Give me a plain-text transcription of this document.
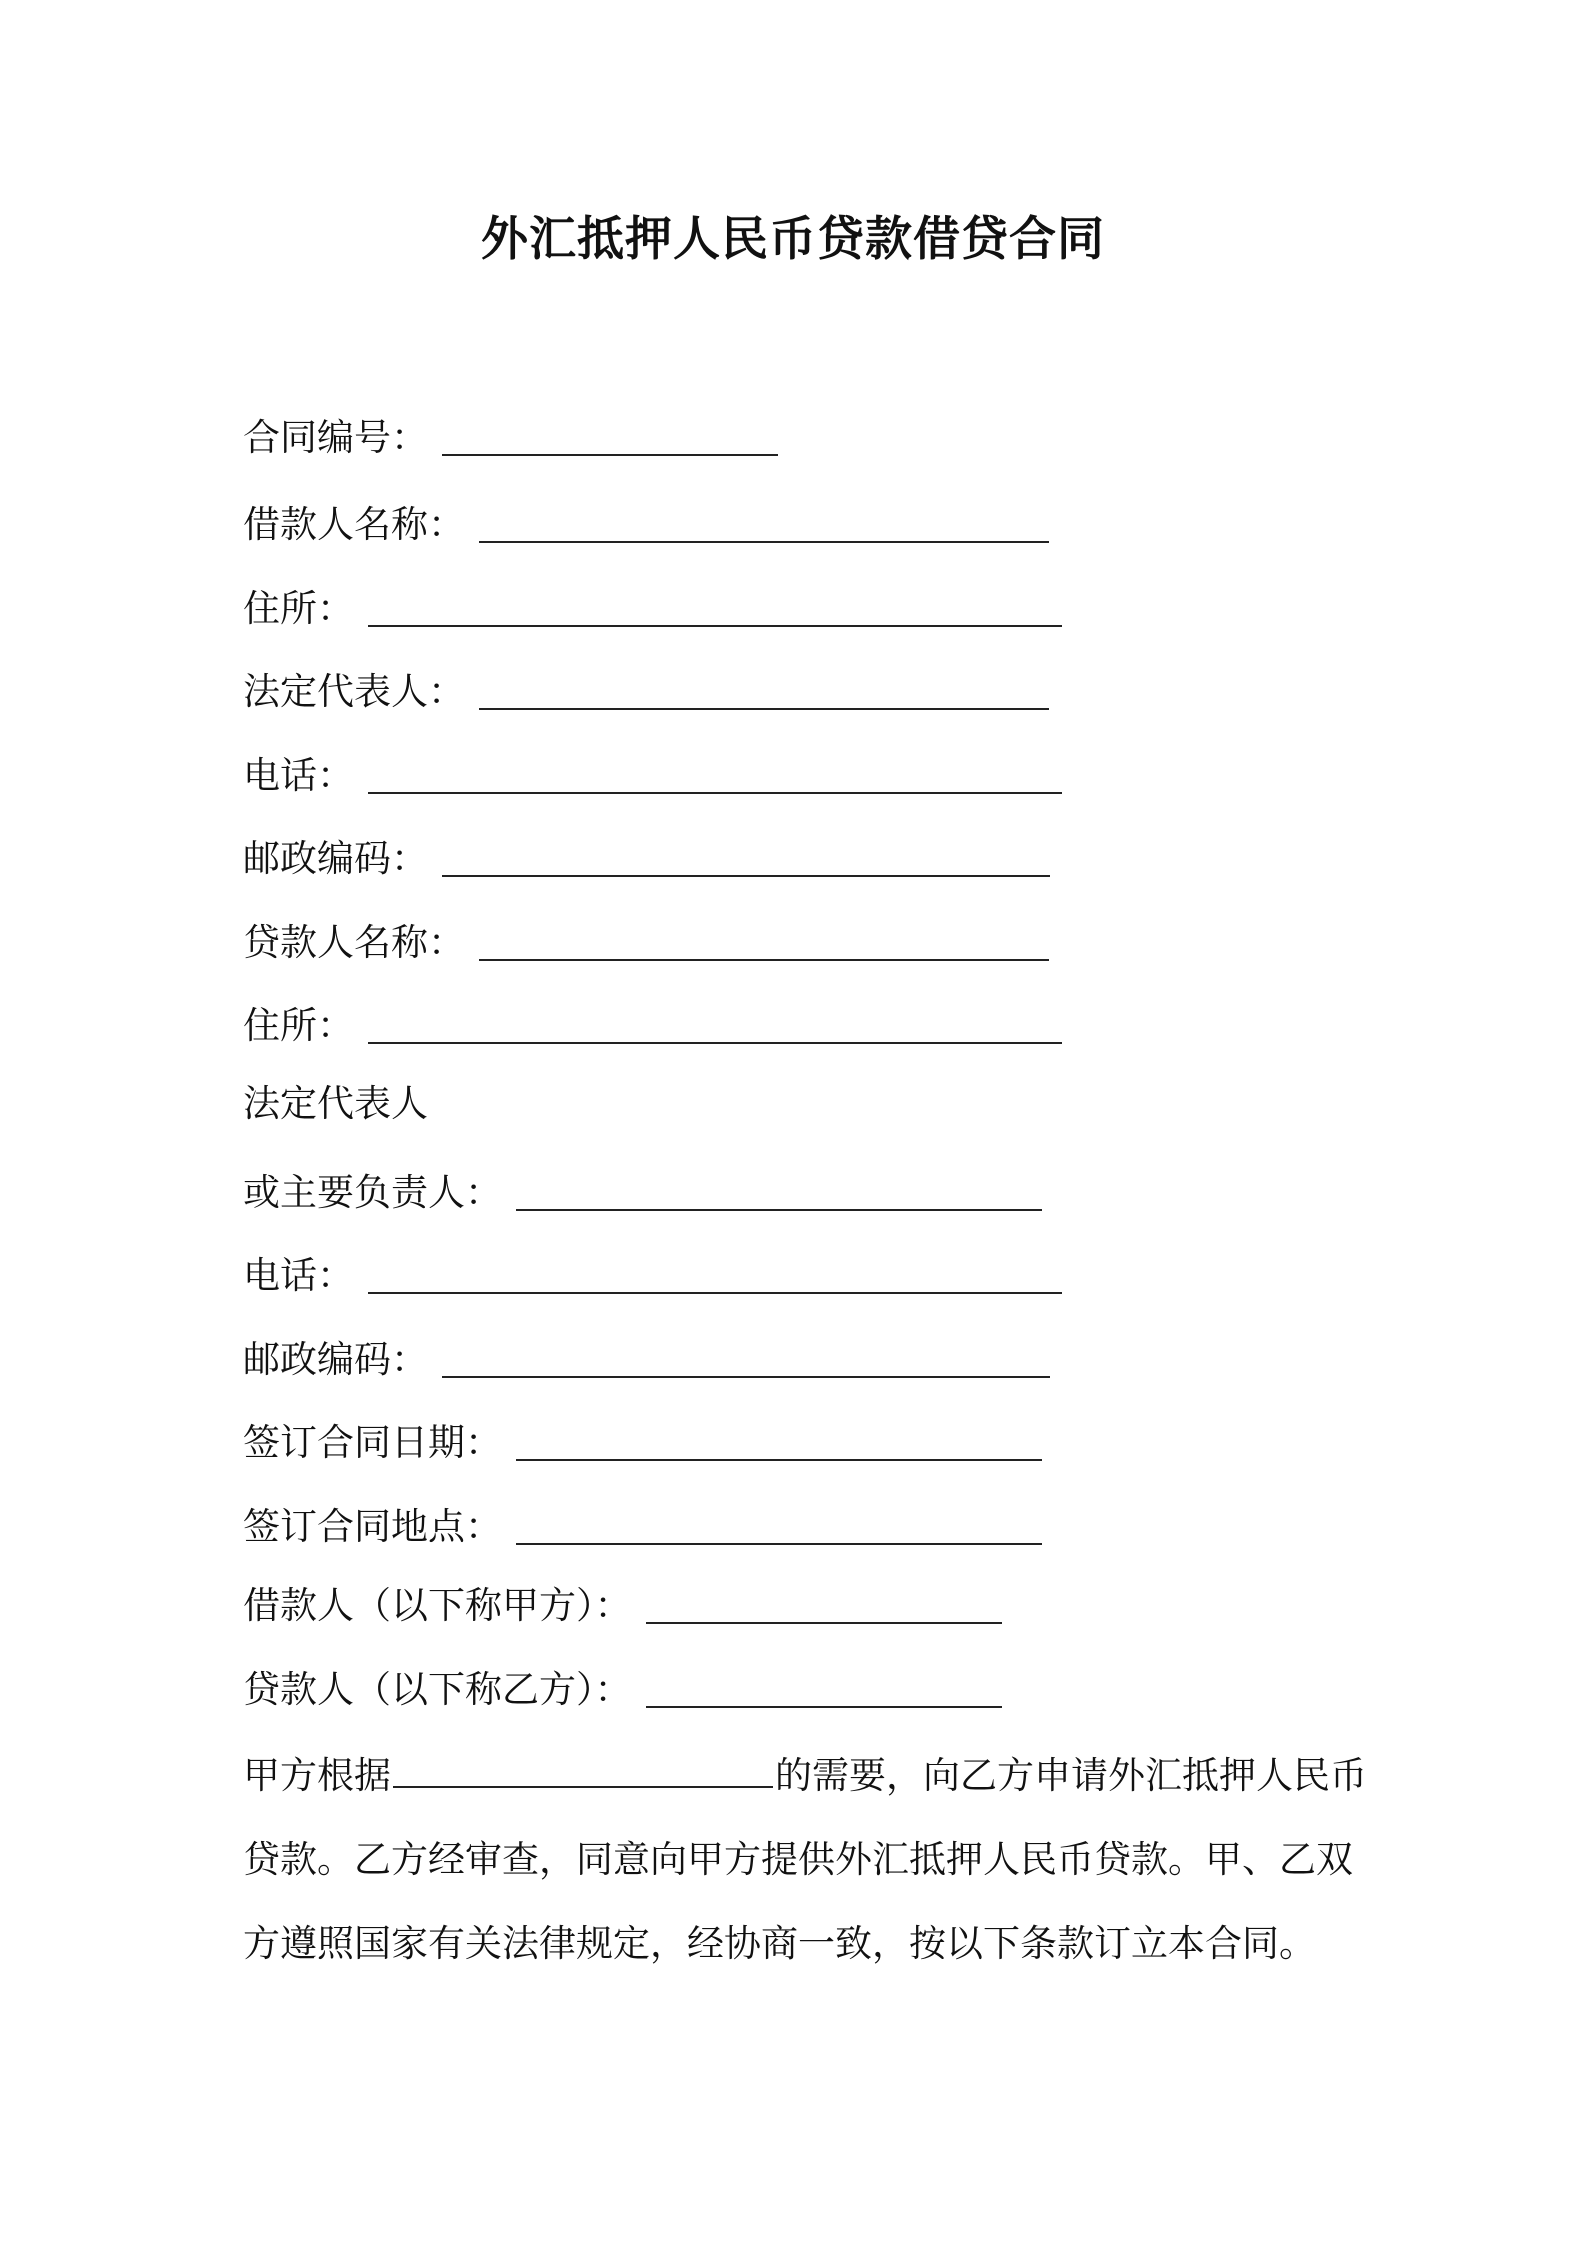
外汇抵押人民币贷款借贷合同
合同编号：
借款人名称：
住所：
法定代表人：
电话：
邮政编码：
贷款人名称：
住所：
法定代表人
或主要负责人：
电话：
邮政编码：
签订合同日期：
签订合同地点：
借款人（以下称甲方）：
贷款人（以下称乙方）：
甲方根据	的需要，向乙方申请外汇抵押人民币
贷款。乙方经审查，同意向甲方提供外汇抵押人民币贷款。甲、乙双
方遵照国家有关法律规定，经协商一致，按以下条款订立本合同。
